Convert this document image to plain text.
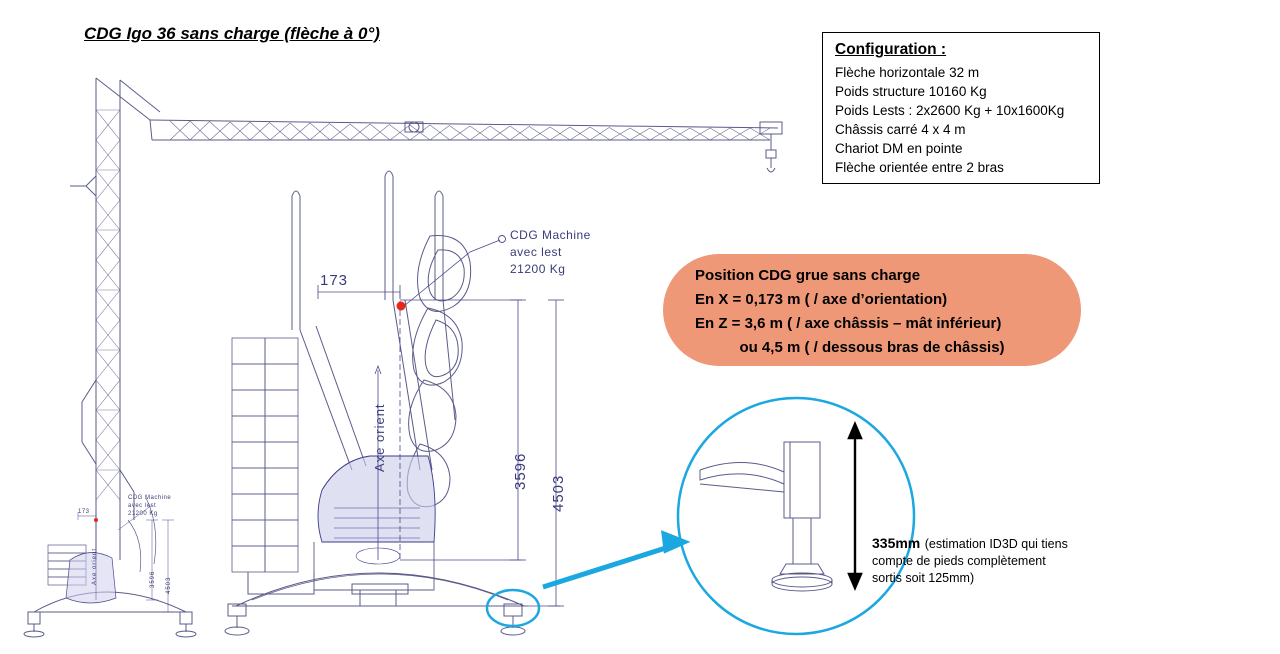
CDG Igo 36 sans charge (flèche à 0°)
Configuration :
Flèche horizontale 32 m
Poids structure 10160 Kg
Poids Lests : 2x2600 Kg + 10x1600Kg
Châssis carré 4 x 4 m
Chariot DM en pointe
Flèche orientée entre 2 bras
Position CDG grue sans charge
En X = 0,173 m ( / axe d’orientation)
En Z = 3,6 m ( / axe châssis – mât inférieur)
ou 4,5 m ( / dessous bras de châssis)
CDG Machine
avec lest
21200 Kg
173
3596
4503
Axe orient
CDG Machine
avec lest
21200 Kg
173
Axe orient	3596 4503
335mm (estimation ID3D qui tiens
compte de pieds complètement
sortis soit 125mm)
